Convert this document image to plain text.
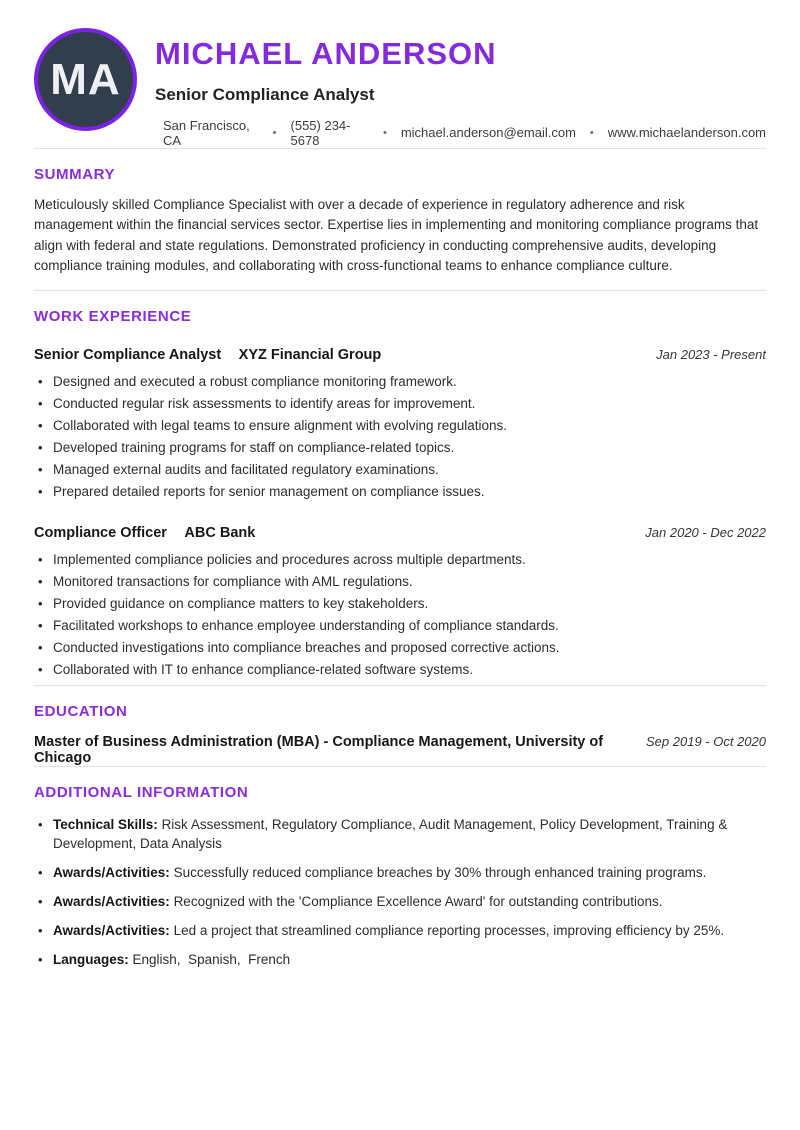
MA
MICHAEL ANDERSON
Senior Compliance Analyst
San Francisco, CA	• (555) 234-5678	• michael.anderson@email.com • www.michaelanderson.com
SUMMARY

Meticulously skilled Compliance Specialist with over a decade of experience in regulatory adherence and risk management within the financial services sector. Expertise lies in implementing and monitoring compliance programs that align with federal and state regulations. Demonstrated proficiency in conducting comprehensive audits, developing compliance training modules, and collaborating with cross-functional teams to enhance compliance culture.

WORK EXPERIENCE
Senior Compliance Analyst XYZ Financial Group	Jan 2023 - Present
• Designed and executed a robust compliance monitoring framework.
• Conducted regular risk assessments to identify areas for improvement.
• Collaborated with legal teams to ensure alignment with evolving regulations.
• Developed training programs for staff on compliance-related topics.
• Managed external audits and facilitated regulatory examinations.
• Prepared detailed reports for senior management on compliance issues.
Compliance Officer ABC Bank	Jan 2020 - Dec 2022
• Implemented compliance policies and procedures across multiple departments.
• Monitored transactions for compliance with AML regulations.
• Provided guidance on compliance matters to key stakeholders.
• Facilitated workshops to enhance employee understanding of compliance standards.
• Conducted investigations into compliance breaches and proposed corrective actions.
• Collaborated with IT to enhance compliance-related software systems.
EDUCATION
Master of Business Administration (MBA) - Compliance Management, University of Chicago
Sep 2019 - Oct 2020
ADDITIONAL INFORMATION
• Technical Skills: Risk Assessment, Regulatory Compliance, Audit Management, Policy Development, Training & Development, Data Analysis
• Awards/Activities: Successfully reduced compliance breaches by 30% through enhanced training programs.
• Awards/Activities: Recognized with the 'Compliance Excellence Award' for outstanding contributions.
• Awards/Activities: Led a project that streamlined compliance reporting processes, improving efficiency by 25%.
• Languages: English,  Spanish,  French
